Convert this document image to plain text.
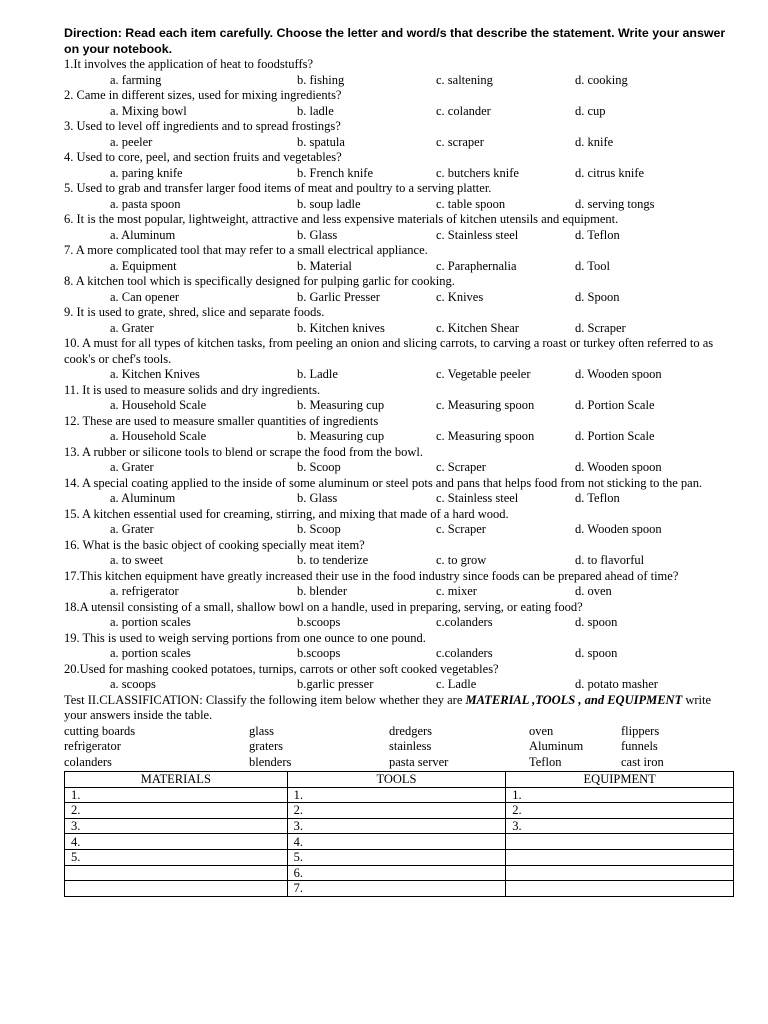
Direction: Read each item carefully. Choose the letter and word/s that describe the statement. Write your answer on your notebook.

1.It involves the application of heat to foodstuffs?

a. farming	b. fishing	c. saltening	d. cooking

2. Came in different sizes, used for mixing ingredients?

a. Mixing bowl	b. ladle	c. colander	d. cup

3. Used to level off ingredients and to spread frostings?

a. peeler	b. spatula	c. scraper	d. knife

4. Used to core, peel, and section fruits and vegetables?

a. paring knife	b. French knife	c. butchers knife	d. citrus knife

5. Used to grab and transfer larger food items of meat and poultry to a serving platter.

a. pasta spoon	b. soup ladle	c. table spoon	d. serving tongs

6. It is the most popular, lightweight, attractive and less expensive materials of kitchen utensils and equipment.

a. Aluminum	b. Glass	c. Stainless steel	d. Teflon

7. A more complicated tool that may refer to a small electrical appliance.

a. Equipment	b. Material	c. Paraphernalia	d. Tool

8. A kitchen tool which is specifically designed for pulping garlic for cooking.

a. Can opener	b. Garlic Presser	c. Knives	d. Spoon

9. It is used to grate, shred, slice and separate foods.

a. Grater	b. Kitchen knives	c. Kitchen Shear	d. Scraper

10. A must for all types of kitchen tasks, from peeling an onion and slicing carrots, to carving a roast or turkey often referred to as cook's or chef's tools.

a. Kitchen Knives	b. Ladle	c. Vegetable peeler	d. Wooden spoon

11. It is used to measure solids and dry ingredients.

a. Household Scale	b. Measuring cup	c. Measuring spoon	d. Portion Scale

12. These are used to measure smaller quantities of ingredients

a. Household Scale	b. Measuring cup	c. Measuring spoon	d. Portion Scale

13. A rubber or silicone tools to blend or scrape the food from the bowl.

a. Grater	b. Scoop	c. Scraper	d. Wooden spoon

14. A special coating applied to the inside of some aluminum or steel pots and pans that helps food from not sticking to the pan.

a. Aluminum	b. Glass	c. Stainless steel	d. Teflon

15. A kitchen essential used for creaming, stirring, and mixing that made of a hard wood.

a. Grater	b. Scoop	c. Scraper	d. Wooden spoon

16. What is the basic object of cooking specially meat item?

a. to sweet	b. to tenderize	c. to grow	d. to flavorful

17.This kitchen equipment have greatly increased their use in the food industry since foods can be prepared ahead of time?

a. refrigerator	b. blender	c. mixer	d. oven

18.A utensil consisting of a small, shallow bowl on a handle, used in preparing, serving, or eating food?

a. portion scales	b.scoops	c.colanders	d. spoon

19. This is used to weigh serving portions from one ounce to one pound.

a. portion scales	b.scoops	c.colanders	d. spoon

20.Used for mashing cooked potatoes, turnips, carrots or other soft cooked vegetables?

a. scoops	b.garlic presser	c. Ladle	d. potato masher

Test II.CLASSIFICATION: Classify the following item below whether they are MATERIAL ,TOOLS , and EQUIPMENT write your answers inside the table.

cutting boards	glass	dredgers	oven	flippers
refrigerator	graters	stainless	Aluminum	funnels
colanders	blenders	pasta server	Teflon	cast iron
MATERIALS	TOOLS	EQUIPMENT
1.	1.	1.
2.	2.	2.
3.	3.	3.
4.	4.	
5.	5.	
	6.	
	7.	
